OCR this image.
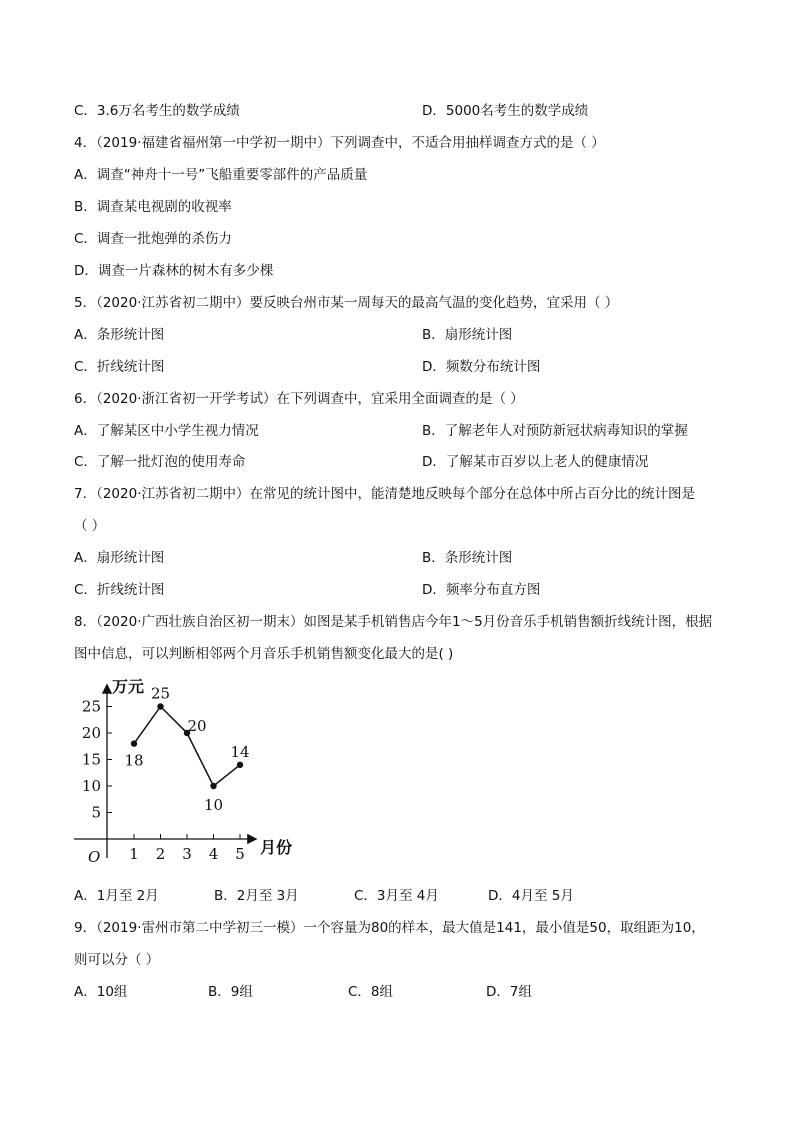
C．3.6万名考生的数学成绩	D．5000名考生的数学成绩
4．（2019·福建省福州第一中学初一期中）下列调查中，不适合用抽样调查方式的是（ ）
A．调查“神舟十一号”飞船重要零部件的产品质量
B．调查某电视剧的收视率
C．调查一批炮弹的杀伤力
D．调查一片森林的树木有多少棵
5．（2020·江苏省初二期中）要反映台州市某一周每天的最高气温的变化趋势，宜采用（ ）
A．条形统计图	B．扇形统计图
C．折线统计图	D．频数分布统计图
6．（2020·浙江省初一开学考试）在下列调查中，宜采用全面调查的是（ ）
A．了解某区中小学生视力情况	B．了解老年人对预防新冠状病毒知识的掌握
C．了解一批灯泡的使用寿命	D．了解某市百岁以上老人的健康情况
7．（2020·江苏省初二期中）在常见的统计图中，能清楚地反映每个部分在总体中所占百分比的统计图是
（ ）
A．扇形统计图	B．条形统计图
C．折线统计图	D．频率分布直方图
8．（2020·广西壮族自治区初一期末）如图是某手机销售店今年1～5月份音乐手机销售额折线统计图，根据
图中信息，可以判断相邻两个月音乐手机销售额变化最大的是( )
万元
月份
O
5
10
15
20
25
1 2 3 4 5
18
25
20
10
14
A．1月至 2月	B．2月至 3月	C．3月至 4月	D．4月至 5月
9．（2019·雷州市第二中学初三一模）一个容量为80的样本，最大值是141，最小值是50，取组距为10，
则可以分（ ）
A．10组	B．9组	C．8组	D．7组
